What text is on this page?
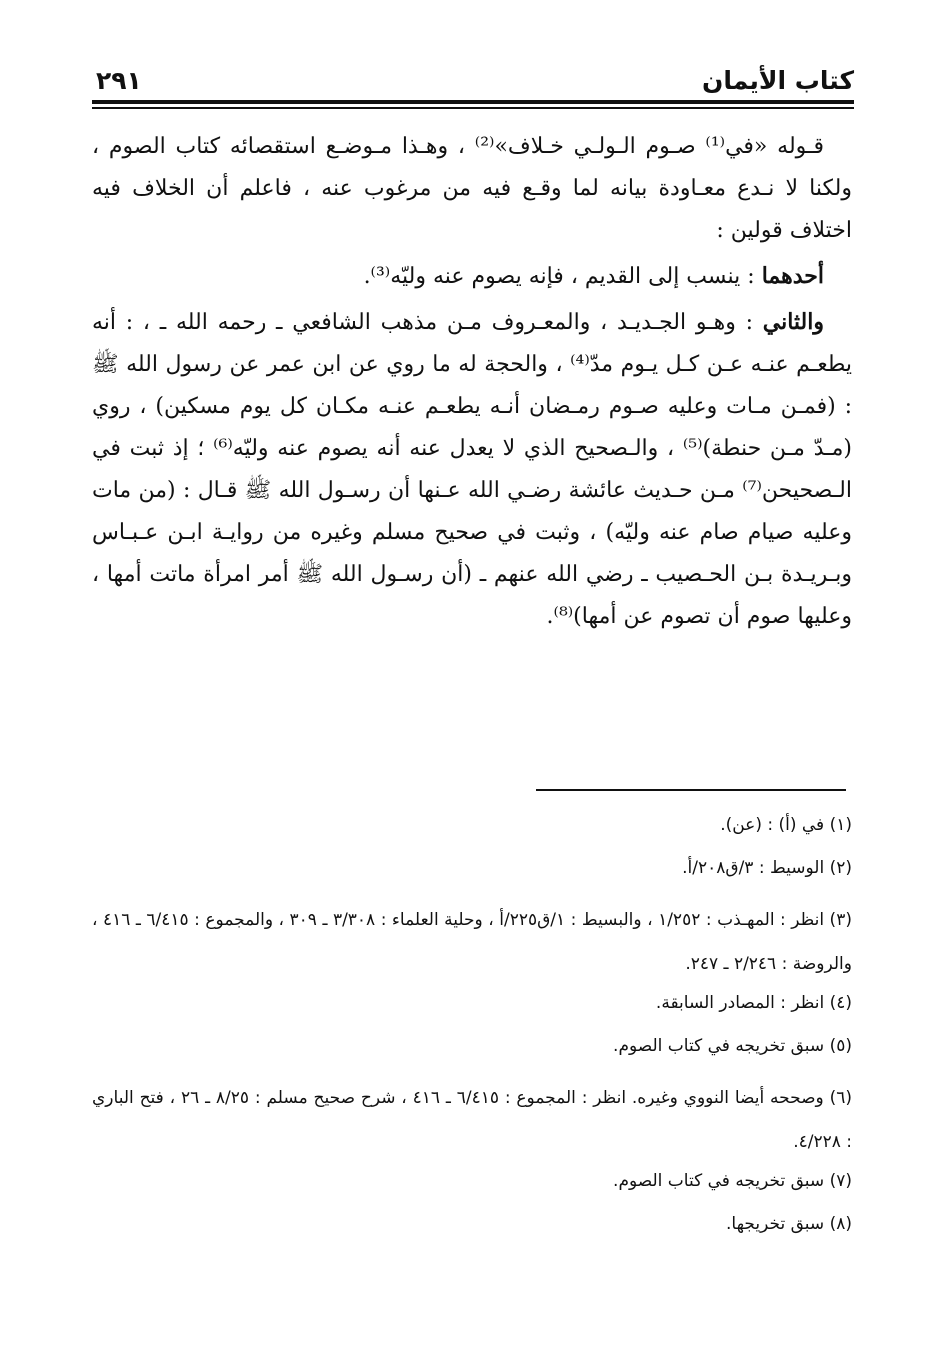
٢٩١	كتاب الأيمان

قـوله «في⁽¹⁾ صـوم الـولـي خـلاف»⁽²⁾ ، وهـذا مـوضـع استقصائه كتاب الصوم ، ولكنا لا نـدع معـاودة بيانه لما وقـع فيه من مرغوب عنه ، فاعلم أن الخلاف فيه اختلاف قولين :

أحدهما : ينسب إلى القديم ، فإنه يصوم عنه وليّه⁽³⁾.

والثاني : وهـو الجـديـد ، والمعـروف مـن مذهب الشافعي ـ رحمه الله ـ ، : أنه يطعـم عنـه عـن كـل يـوم مدّ⁽⁴⁾ ، والحجة له ما روي عن ابن عمر عن رسول الله ﷺ : (فمـن مـات وعليه صـوم رمـضان أنـه يطعـم عنـه مكـان كل يوم مسكين) ، روي (مـدّ مـن حنطة)⁽⁵⁾ ، والـصحيح الذي لا يعدل عنه أنه يصوم عنه وليّه⁽⁶⁾ ؛ إذ ثبت في الـصحيحن⁽⁷⁾ مـن حـديث عائشة رضـي الله عـنها أن رسـول الله ﷺ قـال : (من مات وعليه صيام صام عنه وليّه) ، وثبت في صحيح مسلم وغيره من روايـة ابـن عـبـاس وبـريـدة بـن الحـصيب ـ رضي الله عنهم ـ (أن رسـول الله ﷺ أمر امرأة ماتت أمها ، وعليها صوم أن تصوم عن أمها)⁽⁸⁾.

(١) في (أ) : (عن).

(٢) الوسيط : ٣/ق٢٠٨/أ.

(٣) انظر : المهـذب : ١/٢٥٢ ، والبسيط : ١/ق٢٢٥/أ ، وحلية العلماء : ٣/٣٠٨ ـ ٣٠٩ ، والمجموع : ٦/٤١٥ ـ ٤١٦ ، والروضة : ٢/٢٤٦ ـ ٢٤٧.

(٤) انظر : المصادر السابقة.

(٥) سبق تخريجه في كتاب الصوم.

(٦) وصححه أيضا النووي وغيره. انظر : المجموع : ٦/٤١٥ ـ ٤١٦ ، شرح صحيح مسلم : ٨/٢٥ ـ ٢٦ ، فتح الباري : ٤/٢٢٨.

(٧) سبق تخريجه في كتاب الصوم.

(٨) سبق تخريجها.
